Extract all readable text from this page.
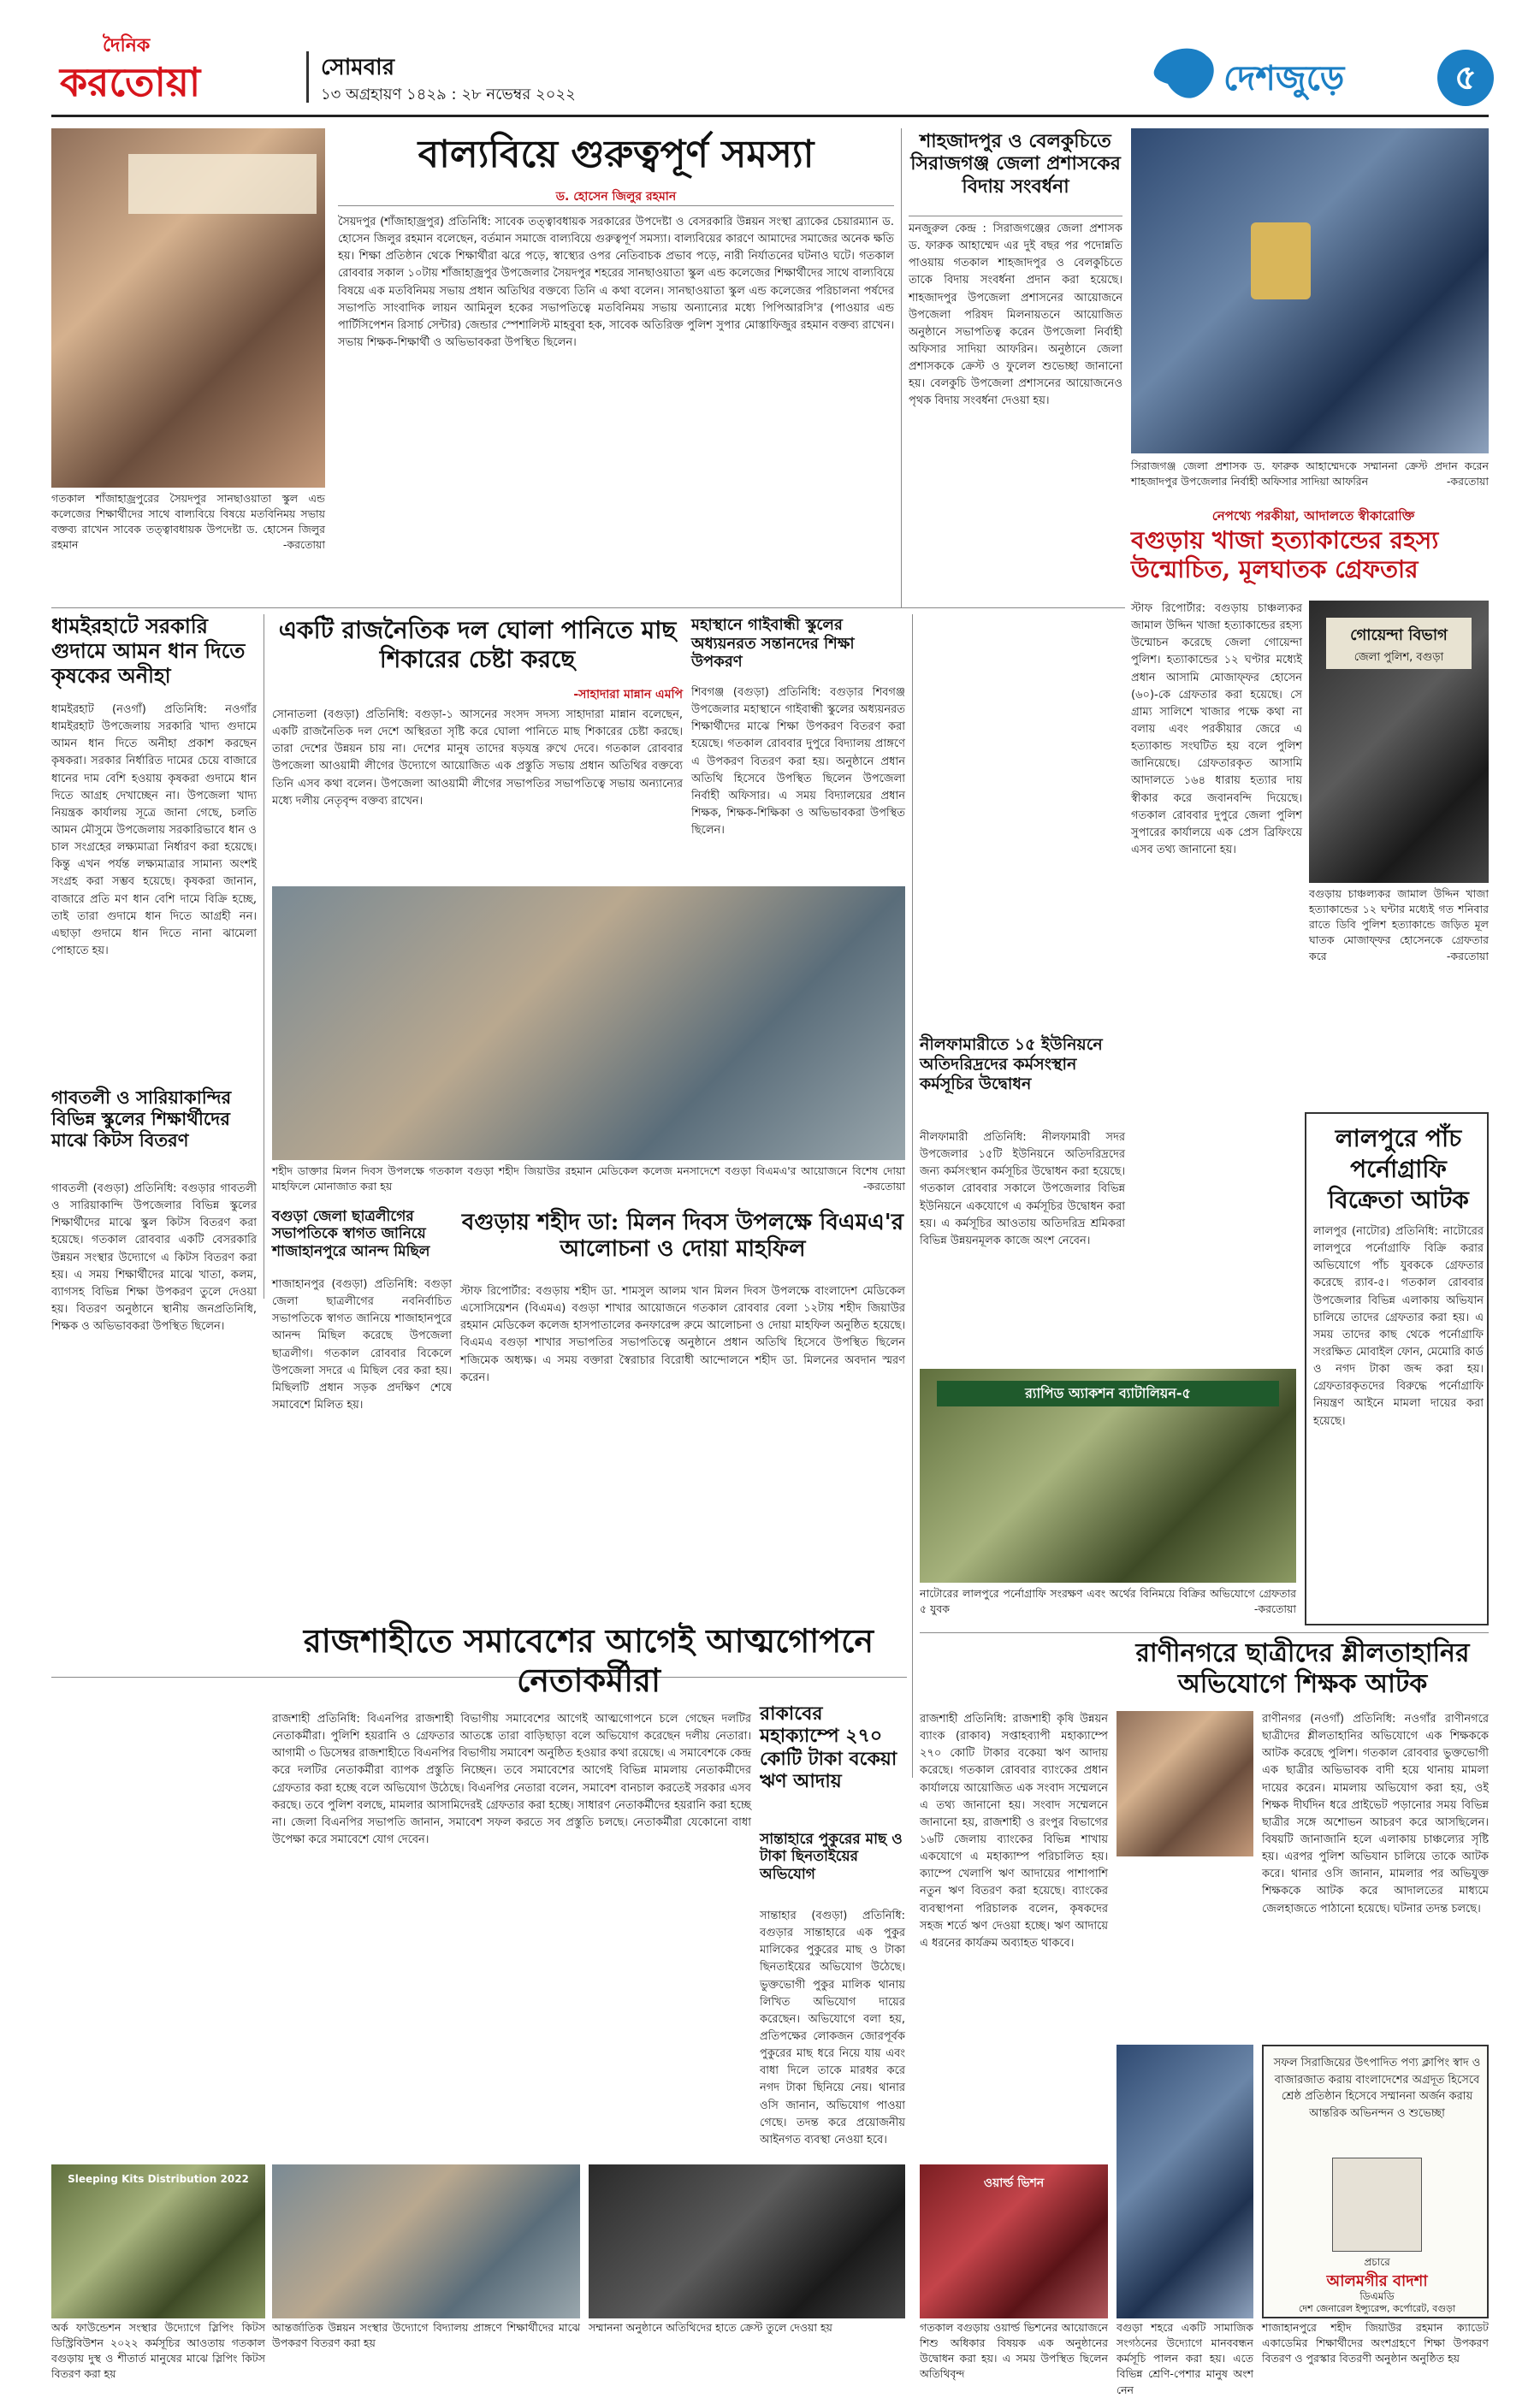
দৈনিক
করতোয়া	সোমবার
১৩ অগ্রহায়ণ ১৪২৯ : ২৮ নভেম্বর ২০২২	দেশজুড়ে	৫
গতকাল শাঁজাহাজ্রপুরের সৈয়দপুর সানছাওয়াতা স্কুল এন্ড কলেজের শিক্ষার্থীদের সাথে বাল্যবিয়ে বিষয়ে মতবিনিময় সভায় বক্তব্য রাখেন সাবেক তত্ত্বাবধায়ক উপদেষ্টা ড. হোসেন জিলুর রহমান	-করতোয়া
বাল্যবিয়ে গুরুত্বপূর্ণ সমস্যা
ড. হোসেন জিলুর রহমান
সৈয়দপুর (শাঁজাহাজ্রপুর) প্রতিনিধি: সাবেক তত্ত্বাবধায়ক সরকারের উপদেষ্টা ও বেসরকারি উন্নয়ন সংস্থা ব্র্যাকের চেয়ারম্যান ড. হোসেন জিলুর রহমান বলেছেন, বর্তমান সমাজে বাল্যবিয়ে গুরুত্বপূর্ণ সমস্যা। বাল্যবিয়ের কারণে আমাদের সমাজের অনেক ক্ষতি হয়। শিক্ষা প্রতিষ্ঠান থেকে শিক্ষার্থীরা ঝরে পড়ে, স্বাস্থ্যের ওপর নেতিবাচক প্রভাব পড়ে, নারী নির্যাতনের ঘটনাও ঘটে। গতকাল রোববার সকাল ১০টায় শাঁজাহাজ্রপুর উপজেলার সৈয়দপুর শহরের সানছাওয়াতা স্কুল এন্ড কলেজের শিক্ষার্থীদের সাথে বাল্যবিয়ে বিষয়ে এক মতবিনিময় সভায় প্রধান অতিথির বক্তব্যে তিনি এ কথা বলেন। সানছাওয়াতা স্কুল এন্ড কলেজের পরিচালনা পর্ষদের সভাপতি সাংবাদিক লায়ন আমিনুল হকের সভাপতিত্বে মতবিনিময় সভায় অন্যান্যের মধ্যে পিপিআরসি'র (পাওয়ার এন্ড পার্টিসিপেশন রিসার্চ সেন্টার) জেন্ডার স্পেশালিস্ট মাহবুবা হক, সাবেক অতিরিক্ত পুলিশ সুপার মোস্তাফিজুর রহমান বক্তব্য রাখেন। সভায় শিক্ষক-শিক্ষার্থী ও অভিভাবকরা উপস্থিত ছিলেন।
শাহজাদপুর ও বেলকুচিতে সিরাজগঞ্জ জেলা প্রশাসকের বিদায় সংবর্ধনা
মনজুরুল কেন্দ্র : সিরাজগঞ্জের জেলা প্রশাসক ড. ফারুক আহাম্মেদ এর দুই বছর পর পদোন্নতি পাওয়ায় গতকাল শাহজাদপুর ও বেলকুচিতে তাকে বিদায় সংবর্ধনা প্রদান করা হয়েছে। শাহজাদপুর উপজেলা প্রশাসনের আয়োজনে উপজেলা পরিষদ মিলনায়তনে আয়োজিত অনুষ্ঠানে সভাপতিত্ব করেন উপজেলা নির্বাহী অফিসার সাদিয়া আফরিন। অনুষ্ঠানে জেলা প্রশাসককে ক্রেস্ট ও ফুলেল শুভেচ্ছা জানানো হয়। বেলকুচি উপজেলা প্রশাসনের আয়োজনেও পৃথক বিদায় সংবর্ধনা দেওয়া হয়।
সিরাজগঞ্জ জেলা প্রশাসক ড. ফারুক আহাম্মেদকে সম্মাননা ক্রেস্ট প্রদান করেন শাহজাদপুর উপজেলার নির্বাহী অফিসার সাদিয়া আফরিন	-করতোয়া
নেপথ্যে পরকীয়া, আদালতে স্বীকারোক্তি
বগুড়ায় খাজা হত্যাকান্ডের রহস্য উন্মোচিত, মূলঘাতক গ্রেফতার
স্টাফ রিপোর্টার: বগুড়ায় চাঞ্চল্যকর জামাল উদ্দিন খাজা হত্যাকান্ডের রহস্য উন্মোচন করেছে জেলা গোয়েন্দা পুলিশ। হত্যাকান্ডের ১২ ঘণ্টার মধ্যেই প্রধান আসামি মোজাফ্ফর হোসেন (৬০)-কে গ্রেফতার করা হয়েছে। সে গ্রাম্য সালিশে খাজার পক্ষে কথা না বলায় এবং পরকীয়ার জেরে এ হত্যাকান্ড সংঘটিত হয় বলে পুলিশ জানিয়েছে। গ্রেফতারকৃত আসামি আদালতে ১৬৪ ধারায় হত্যার দায় স্বীকার করে জবানবন্দি দিয়েছে। গতকাল রোববার দুপুরে জেলা পুলিশ সুপারের কার্যালয়ে এক প্রেস ব্রিফিংয়ে এসব তথ্য জানানো হয়।
গোয়েন্দা বিভাগ
জেলা পুলিশ, বগুড়া
বগুড়ায় চাঞ্চল্যকর জামাল উদ্দিন খাজা হত্যাকান্ডের ১২ ঘন্টার মধ্যেই গত শনিবার রাতে ডিবি পুলিশ হত্যাকান্ডে জড়িত মূল ঘাতক মোজাফ্ফর হোসেনকে গ্রেফতার করে	-করতোয়া
ধামইরহাটে সরকারি গুদামে আমন ধান দিতে কৃষকের অনীহা
ধামইরহাট (নওগাঁ) প্রতিনিধি: নওগাঁর ধামইরহাট উপজেলায় সরকারি খাদ্য গুদামে আমন ধান দিতে অনীহা প্রকাশ করছেন কৃষকরা। সরকার নির্ধারিত দামের চেয়ে বাজারে ধানের দাম বেশি হওয়ায় কৃষকরা গুদামে ধান দিতে আগ্রহ দেখাচ্ছেন না। উপজেলা খাদ্য নিয়ন্ত্রক কার্যালয় সূত্রে জানা গেছে, চলতি আমন মৌসুমে উপজেলায় সরকারিভাবে ধান ও চাল সংগ্রহের লক্ষ্যমাত্রা নির্ধারণ করা হয়েছে। কিন্তু এখন পর্যন্ত লক্ষ্যমাত্রার সামান্য অংশই সংগ্রহ করা সম্ভব হয়েছে। কৃষকরা জানান, বাজারে প্রতি মণ ধান বেশি দামে বিক্রি হচ্ছে, তাই তারা গুদামে ধান দিতে আগ্রহী নন। এছাড়া গুদামে ধান দিতে নানা ঝামেলা পোহাতে হয়।
একটি রাজনৈতিক দল ঘোলা পানিতে মাছ শিকারের চেষ্টা করছে
-সাহাদারা মান্নান এমপি
সোনাতলা (বগুড়া) প্রতিনিধি: বগুড়া-১ আসনের সংসদ সদস্য সাহাদারা মান্নান বলেছেন, একটি রাজনৈতিক দল দেশে অস্থিরতা সৃষ্টি করে ঘোলা পানিতে মাছ শিকারের চেষ্টা করছে। তারা দেশের উন্নয়ন চায় না। দেশের মানুষ তাদের ষড়যন্ত্র রুখে দেবে। গতকাল রোববার উপজেলা আওয়ামী লীগের উদ্যোগে আয়োজিত এক প্রস্তুতি সভায় প্রধান অতিথির বক্তব্যে তিনি এসব কথা বলেন। উপজেলা আওয়ামী লীগের সভাপতির সভাপতিত্বে সভায় অন্যান্যের মধ্যে দলীয় নেতৃবৃন্দ বক্তব্য রাখেন।
মহাস্থানে গাইবান্ধী স্কুলের অধ্যয়নরত সন্তানদের শিক্ষা উপকরণ
শিবগঞ্জ (বগুড়া) প্রতিনিধি: বগুড়ার শিবগঞ্জ উপজেলার মহাস্থানে গাইবান্ধী স্কুলের অধ্যয়নরত শিক্ষার্থীদের মাঝে শিক্ষা উপকরণ বিতরণ করা হয়েছে। গতকাল রোববার দুপুরে বিদ্যালয় প্রাঙ্গণে এ উপকরণ বিতরণ করা হয়। অনুষ্ঠানে প্রধান অতিথি হিসেবে উপস্থিত ছিলেন উপজেলা নির্বাহী অফিসার। এ সময় বিদ্যালয়ের প্রধান শিক্ষক, শিক্ষক-শিক্ষিকা ও অভিভাবকরা উপস্থিত ছিলেন।
শহীদ ডাক্তার মিলন দিবস উপলক্ষে গতকাল বগুড়া শহীদ জিয়াউর রহমান মেডিকেল কলেজ মনসাদেশে বগুড়া বিএমএ'র আয়োজনে বিশেষ দোয়া মাহফিলে মোনাজাত করা হয়	-করতোয়া
গাবতলী ও সারিয়াকান্দির বিভিন্ন স্কুলের শিক্ষার্থীদের মাঝে কিটস বিতরণ
গাবতলী (বগুড়া) প্রতিনিধি: বগুড়ার গাবতলী ও সারিয়াকান্দি উপজেলার বিভিন্ন স্কুলের শিক্ষার্থীদের মাঝে স্কুল কিটস বিতরণ করা হয়েছে। গতকাল রোববার একটি বেসরকারি উন্নয়ন সংস্থার উদ্যোগে এ কিটস বিতরণ করা হয়। এ সময় শিক্ষার্থীদের মাঝে খাতা, কলম, ব্যাগসহ বিভিন্ন শিক্ষা উপকরণ তুলে দেওয়া হয়। বিতরণ অনুষ্ঠানে স্থানীয় জনপ্রতিনিধি, শিক্ষক ও অভিভাবকরা উপস্থিত ছিলেন।
বগুড়া জেলা ছাত্রলীগের সভাপতিকে স্বাগত জানিয়ে শাজাহানপুরে আনন্দ মিছিল
শাজাহানপুর (বগুড়া) প্রতিনিধি: বগুড়া জেলা ছাত্রলীগের নবনির্বাচিত সভাপতিকে স্বাগত জানিয়ে শাজাহানপুরে আনন্দ মিছিল করেছে উপজেলা ছাত্রলীগ। গতকাল রোববার বিকেলে উপজেলা সদরে এ মিছিল বের করা হয়। মিছিলটি প্রধান সড়ক প্রদক্ষিণ শেষে সমাবেশে মিলিত হয়।
বগুড়ায় শহীদ ডা: মিলন দিবস উপলক্ষে বিএমএ'র আলোচনা ও দোয়া মাহফিল
স্টাফ রিপোর্টার: বগুড়ায় শহীদ ডা. শামসুল আলম খান মিলন দিবস উপলক্ষে বাংলাদেশ মেডিকেল এসোসিয়েশন (বিএমএ) বগুড়া শাখার আয়োজনে গতকাল রোববার বেলা ১২টায় শহীদ জিয়াউর রহমান মেডিকেল কলেজ হাসপাতালের কনফারেন্স রুমে আলোচনা ও দোয়া মাহফিল অনুষ্ঠিত হয়েছে। বিএমএ বগুড়া শাখার সভাপতির সভাপতিত্বে অনুষ্ঠানে প্রধান অতিথি হিসেবে উপস্থিত ছিলেন শজিমেক অধ্যক্ষ। এ সময় বক্তারা স্বৈরাচার বিরোধী আন্দোলনে শহীদ ডা. মিলনের অবদান স্মরণ করেন।
নীলফামারীতে ১৫ ইউনিয়নে অতিদরিদ্রদের কর্মসংস্থান কর্মসূচির উদ্বোধন
নীলফামারী প্রতিনিধি: নীলফামারী সদর উপজেলার ১৫টি ইউনিয়নে অতিদরিদ্রদের জন্য কর্মসংস্থান কর্মসূচির উদ্বোধন করা হয়েছে। গতকাল রোববার সকালে উপজেলার বিভিন্ন ইউনিয়নে একযোগে এ কর্মসূচির উদ্বোধন করা হয়। এ কর্মসূচির আওতায় অতিদরিদ্র শ্রমিকরা বিভিন্ন উন্নয়নমূলক কাজে অংশ নেবেন।
র‌্যাপিড অ্যাকশন ব্যাটালিয়ন-৫
নাটোরের লালপুরে পর্নোগ্রাফি সংরক্ষণ এবং অর্থের বিনিময়ে বিক্রির অভিযোগে গ্রেফতার ৫ যুবক	-করতোয়া
লালপুরে পাঁচ
পর্নোগ্রাফি
বিক্রেতা আটক
লালপুর (নাটোর) প্রতিনিধি: নাটোরের লালপুরে পর্নোগ্রাফি বিক্রি করার অভিযোগে পাঁচ যুবককে গ্রেফতার করেছে র‌্যাব-৫। গতকাল রোববার উপজেলার বিভিন্ন এলাকায় অভিযান চালিয়ে তাদের গ্রেফতার করা হয়। এ সময় তাদের কাছ থেকে পর্নোগ্রাফি সংরক্ষিত মোবাইল ফোন, মেমোরি কার্ড ও নগদ টাকা জব্দ করা হয়। গ্রেফতারকৃতদের বিরুদ্ধে পর্নোগ্রাফি নিয়ন্ত্রণ আইনে মামলা দায়ের করা হয়েছে।
রাজশাহীতে সমাবেশের আগেই আত্মগোপনে নেতাকর্মীরা
রাজশাহী প্রতিনিধি: বিএনপির রাজশাহী বিভাগীয় সমাবেশের আগেই আত্মগোপনে চলে গেছেন দলটির নেতাকর্মীরা। পুলিশি হয়রানি ও গ্রেফতার আতঙ্কে তারা বাড়িছাড়া বলে অভিযোগ করেছেন দলীয় নেতারা। আগামী ৩ ডিসেম্বর রাজশাহীতে বিএনপির বিভাগীয় সমাবেশ অনুষ্ঠিত হওয়ার কথা রয়েছে। এ সমাবেশকে কেন্দ্র করে দলটির নেতাকর্মীরা ব্যাপক প্রস্তুতি নিচ্ছেন। তবে সমাবেশের আগেই বিভিন্ন মামলায় নেতাকর্মীদের গ্রেফতার করা হচ্ছে বলে অভিযোগ উঠেছে। বিএনপির নেতারা বলেন, সমাবেশ বানচাল করতেই সরকার এসব করছে। তবে পুলিশ বলছে, মামলার আসামিদেরই গ্রেফতার করা হচ্ছে। সাধারণ নেতাকর্মীদের হয়রানি করা হচ্ছে না। জেলা বিএনপির সভাপতি জানান, সমাবেশ সফল করতে সব প্রস্তুতি চলছে। নেতাকর্মীরা যেকোনো বাধা উপেক্ষা করে সমাবেশে যোগ দেবেন।
রাকাবের মহাক্যাম্পে ২৭০ কোটি টাকা বকেয়া ঋণ আদায়
রাজশাহী প্রতিনিধি: রাজশাহী কৃষি উন্নয়ন ব্যাংক (রাকাব) সপ্তাহব্যাপী মহাক্যাম্পে ২৭০ কোটি টাকার বকেয়া ঋণ আদায় করেছে। গতকাল রোববার ব্যাংকের প্রধান কার্যালয়ে আয়োজিত এক সংবাদ সম্মেলনে এ তথ্য জানানো হয়। সংবাদ সম্মেলনে জানানো হয়, রাজশাহী ও রংপুর বিভাগের ১৬টি জেলায় ব্যাংকের বিভিন্ন শাখায় একযোগে এ মহাক্যাম্প পরিচালিত হয়। ক্যাম্পে খেলাপি ঋণ আদায়ের পাশাপাশি নতুন ঋণ বিতরণ করা হয়েছে। ব্যাংকের ব্যবস্থাপনা পরিচালক বলেন, কৃষকদের সহজ শর্তে ঋণ দেওয়া হচ্ছে। ঋণ আদায়ে এ ধরনের কার্যক্রম অব্যাহত থাকবে।
সান্তাহারে পুকুরের মাছ ও টাকা ছিনতাইয়ের অভিযোগ
সান্তাহার (বগুড়া) প্রতিনিধি: বগুড়ার সান্তাহারে এক পুকুর মালিকের পুকুরের মাছ ও টাকা ছিনতাইয়ের অভিযোগ উঠেছে। ভুক্তভোগী পুকুর মালিক থানায় লিখিত অভিযোগ দায়ের করেছেন। অভিযোগে বলা হয়, প্রতিপক্ষের লোকজন জোরপূর্বক পুকুরের মাছ ধরে নিয়ে যায় এবং বাধা দিলে তাকে মারধর করে নগদ টাকা ছিনিয়ে নেয়। থানার ওসি জানান, অভিযোগ পাওয়া গেছে। তদন্ত করে প্রয়োজনীয় আইনগত ব্যবস্থা নেওয়া হবে।
রাণীনগরে ছাত্রীদের শ্লীলতাহানির অভিযোগে শিক্ষক আটক
রাণীনগর (নওগাঁ) প্রতিনিধি: নওগাঁর রাণীনগরে ছাত্রীদের শ্লীলতাহানির অভিযোগে এক শিক্ষককে আটক করেছে পুলিশ। গতকাল রোববার ভুক্তভোগী এক ছাত্রীর অভিভাবক বাদী হয়ে থানায় মামলা দায়ের করেন। মামলায় অভিযোগ করা হয়, ওই শিক্ষক দীর্ঘদিন ধরে প্রাইভেট পড়ানোর সময় বিভিন্ন ছাত্রীর সঙ্গে অশোভন আচরণ করে আসছিলেন। বিষয়টি জানাজানি হলে এলাকায় চাঞ্চল্যের সৃষ্টি হয়। এরপর পুলিশ অভিযান চালিয়ে তাকে আটক করে। থানার ওসি জানান, মামলার পর অভিযুক্ত শিক্ষককে আটক করে আদালতের মাধ্যমে জেলহাজতে পাঠানো হয়েছে। ঘটনার তদন্ত চলছে।
Sleeping Kits Distribution 2022
অর্ক ফাউন্ডেশন সংস্থার উদ্যোগে স্লিপিং কিটস ডিস্ট্রিবিউশন ২০২২ কর্মসূচির আওতায় গতকাল বগুড়ায় দুস্থ ও শীতার্ত মানুষের মাঝে স্লিপিং কিটস বিতরণ করা হয়
আন্তর্জাতিক উন্নয়ন সংস্থার উদ্যোগে বিদ্যালয় প্রাঙ্গণে শিক্ষার্থীদের মাঝে উপকরণ বিতরণ করা হয়
সম্মাননা অনুষ্ঠানে অতিথিদের হাতে ক্রেস্ট তুলে দেওয়া হয়
ওয়ার্ল্ড ভিশন
গতকাল বগুড়ায় ওয়ার্ল্ড ভিশনের আয়োজনে শিশু অধিকার বিষয়ক এক অনুষ্ঠানের উদ্বোধন করা হয়। এ সময় উপস্থিত ছিলেন অতিথিবৃন্দ
বগুড়া শহরে একটি সামাজিক সংগঠনের উদ্যোগে মানববন্ধন কর্মসূচি পালন করা হয়। এতে বিভিন্ন শ্রেণি-পেশার মানুষ অংশ নেন
সফল সিরাজিয়ের উৎপাদিত পণ্য ক্লাপিং স্বাদ ও বাজারজাত করায় বাংলাদেশের অগ্রদূত হিসেবে শ্রেষ্ঠ প্রতিষ্ঠান হিসেবে সম্মাননা অর্জন করায় আন্তরিক অভিনন্দন ও শুভেচ্ছা
প্রচারে
আলমগীর বাদশা
ডিএমডি
দেশ জেনারেল ইন্স্যুরেন্স, কর্পোরেট, বগুড়া
শাজাহানপুরে শহীদ জিয়াউর রহমান ক্যাডেট একাডেমির শিক্ষার্থীদের অংশগ্রহণে শিক্ষা উপকরণ বিতরণ ও পুরস্কার বিতরণী অনুষ্ঠান অনুষ্ঠিত হয়
